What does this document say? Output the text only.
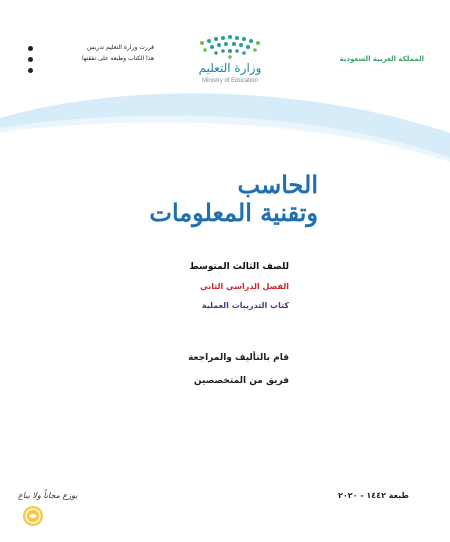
المملكة العربية السعودية
وزارة التعليم
Ministry of Education
قررت وزارة التعليم تدريس
هذا الكتاب وطبعه على نفقتها
الحاسب
وتقنية المعلومات
للصف الثالث المتوسط
الفصل الدراسي الثاني
كتاب التدريبات العملية
قام بالتأليف والمراجعة
فريق من المتخصصين
طبعة ١٤٤٢ - ٢٠٢٠
يوزع مجاناً ولا يباع
